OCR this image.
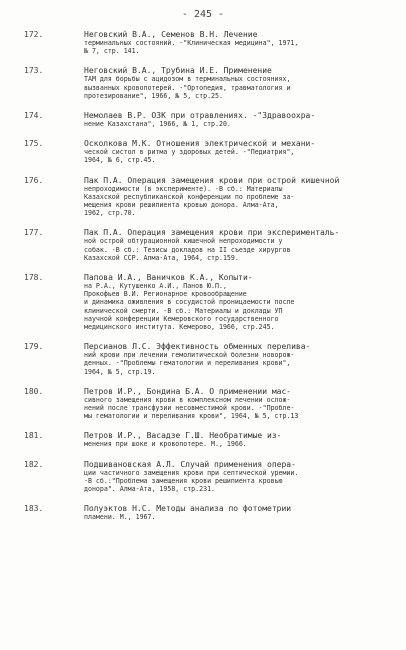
- 245 -
172.	Неговский В.А., Семенов В.Н. Лечение
терминальных состояний. -"Клиническая медицина", 1971,
№ 7, стр. 141.
173.	Неговский В.А., Трубина И.Е. Применение
ТАМ для борьбы с ацидозом в терминальных состояниях,
вызванных кровопотерей. -"Ортопедия, травматология и
протезирование", 1966, № 5, стр.25.
174.	Немолаев В.Р. ОЗК при отравлениях. -"Здравоохра-
нение Казахстана", 1966, № 1, стр.20.
175.	Осколкова М.К. Отношения электрической и механи-
ческой систол в ритма у здоровых детей. -"Педиатрия",
1964, № 6, стр.45.
176.	Пак П.А. Операция замещения крови при острой кишечной
непроходимости (в эксперименте). -В сб.: Материалы
Казахской республиканской конференции по проблеме за-
мещения крови решипиента кровью донора. Алма-Ата,
1962, стр.70.
177.	Пак П.А. Операция замещения крови при эксперименталь-
ной острой обтурационной кишечной непроходимости у
собак. -В сб.: Тезисы докладов на II съезде хирургов
Казахской ССР. Алма-Ата, 1964, стр.159.
178.	Папова И.А., Ваничков К.А., Копыти-
на Р.А., Кутушенко А.И., Панов Ю.П.,
Прокофьев В.И. Регионарное кровообращение
и динамика оживления в сосудистой проницаемости после
клинической смерти. -В сб.: Материалы и доклады УП
научной конференции Кемеровского государственного
медицинского института. Кемерово, 1966, стр.245.
179.	Персианов Л.С. Эффективность обменных перелива-
ний крови при лечении гемолитической болезни новорож-
денных. -"Проблемы гематологии и переливания крови",
1964, № 5, стр.19.
180.	Петров И.Р., Бондина Б.А. О применении мас-
сивного замещения крови в комплексном лечении ослож-
нений после трансфузии несовместимой крови. -"Пробле-
мы гематологии и переливания крови", 1964, № 5, стр.13
181.	Петров И.Р., Васадзе Г.Ш. Необратимые из-
менения при шоке и кровопотере. М., 1966.
182.	Подшивановская А.Л. Случай применения опера-
ции частичного замещения крови при септической уремии.
-В сб.:"Проблема замещения крови решипиента кровью
донора". Алма-Ата, 1958, стр.231.
183.	Полуэктов Н.С. Методы анализа по фотометрии
пламени. М., 1967.
